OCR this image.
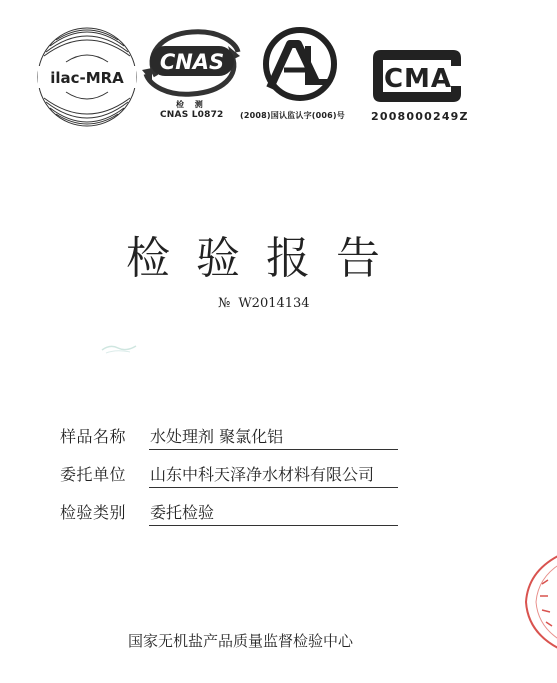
ilac-MRA
CNAS
检 测
CNAS L0872 (2008)国认监认字(006)号
CMA
2008000249Z
检验报告
№ W2014134
样品名称 水处理剂 聚氯化铝
委托单位 山东中科天泽净水材料有限公司
检验类别 委托检验
国家无机盐产品质量监督检验中心
